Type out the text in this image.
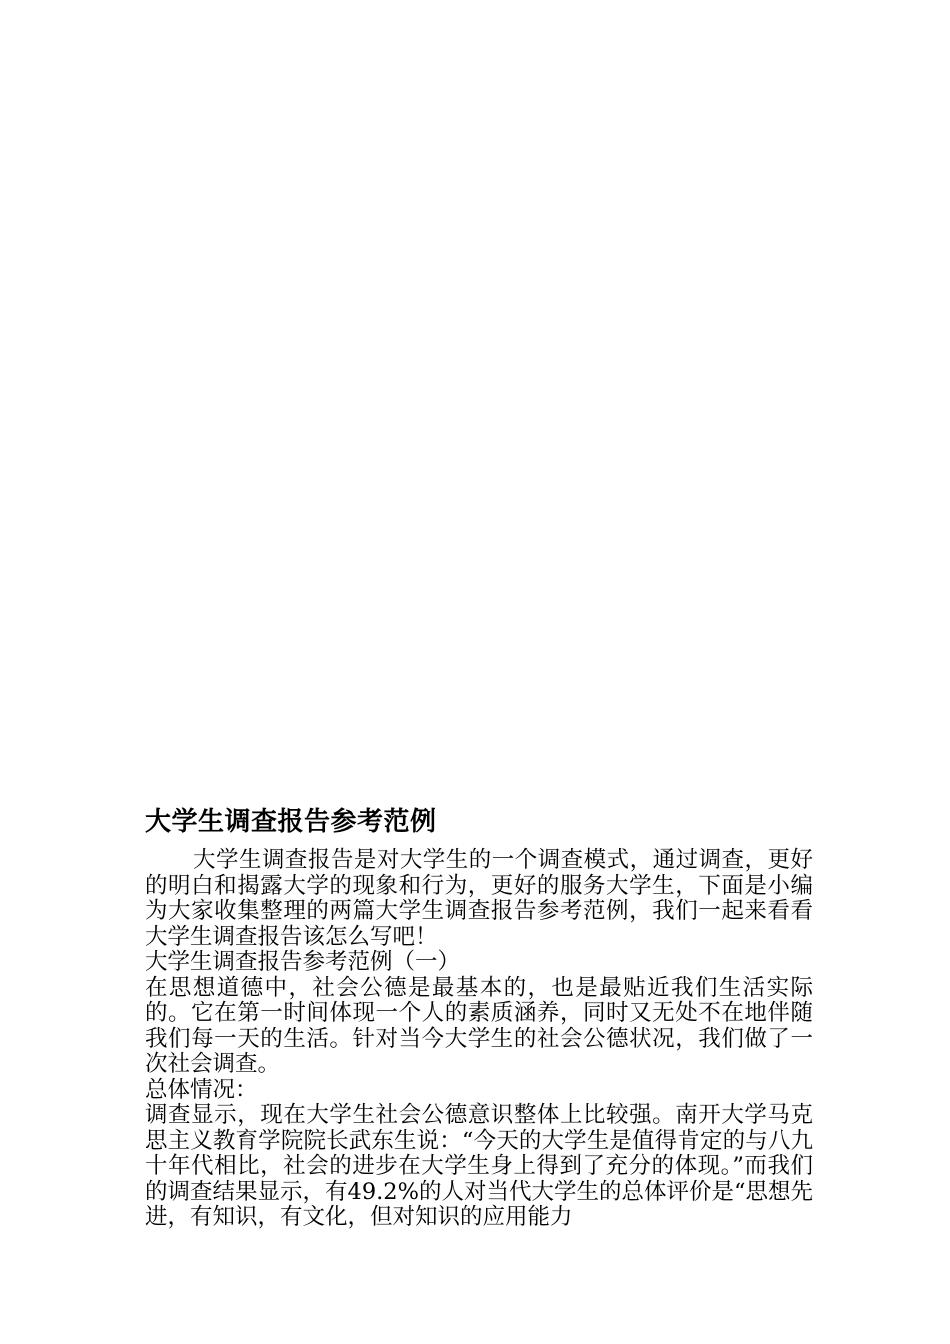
大学生调查报告参考范例

大学生调查报告是对大学生的一个调查模式，通过调查，更好的明白和揭露大学的现象和行为，更好的服务大学生，下面是小编为大家收集整理的两篇大学生调查报告参考范例，我们一起来看看大学生调查报告该怎么写吧！

大学生调查报告参考范例（一）

在思想道德中，社会公德是最基本的，也是最贴近我们生活实际的。它在第一时间体现一个人的素质涵养，同时又无处不在地伴随我们每一天的生活。针对当今大学生的社会公德状况，我们做了一次社会调查。

总体情况：

调查显示，现在大学生社会公德意识整体上比较强。南开大学马克思主义教育学院院长武东生说：“今天的大学生是值得肯定的与八九十年代相比，社会的进步在大学生身上得到了充分的体现。”而我们的调查结果显示，有49.2%的人对当代大学生的总体评价是“思想先进，有知识，有文化，但对知识的应用能力
